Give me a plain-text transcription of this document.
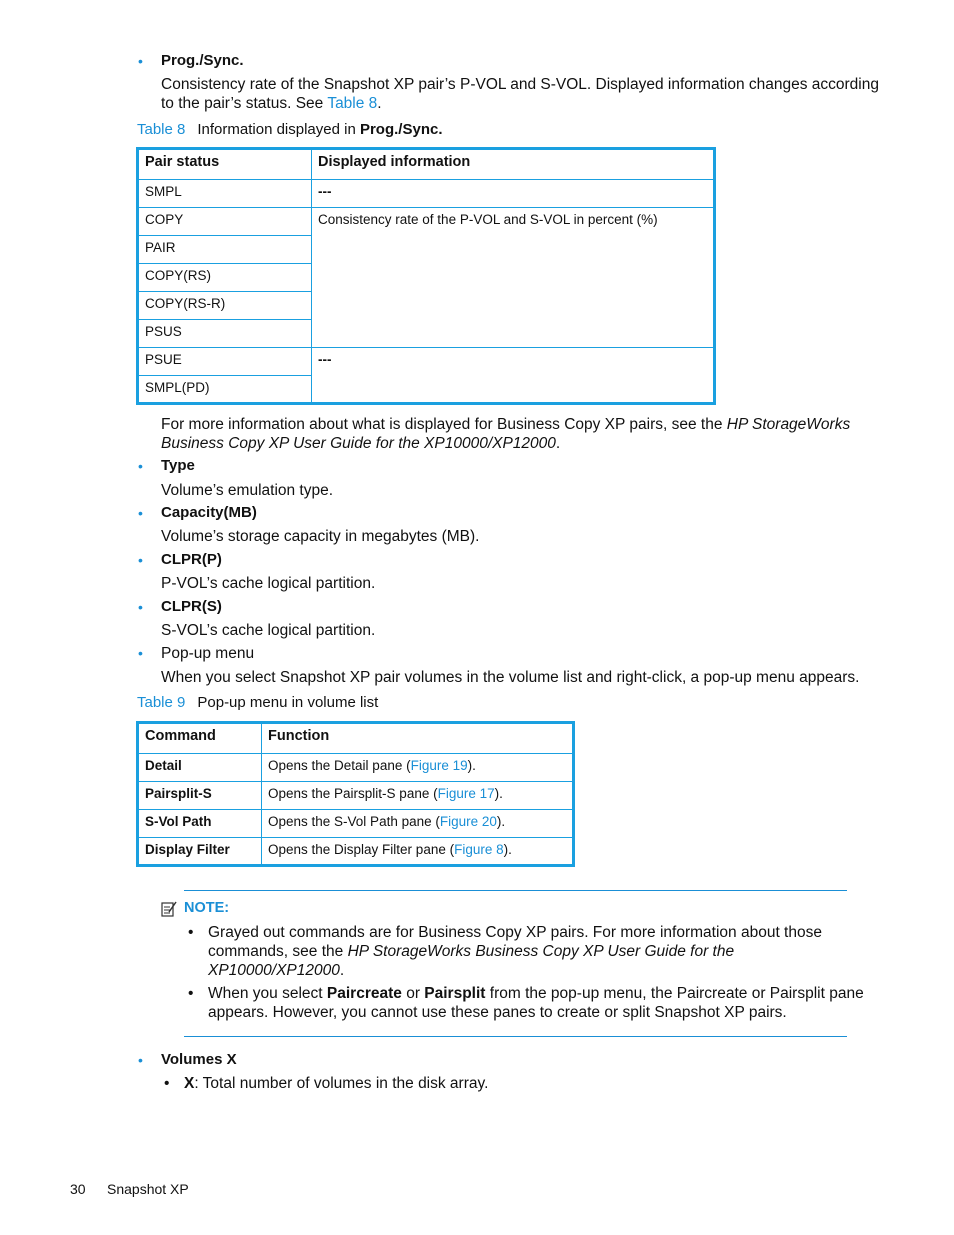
• Prog./Sync.
Consistency rate of the Snapshot XP pair’s P-VOL and S-VOL. Displayed information changes according
to the pair’s status. See Table 8.
Table 8 Information displayed in Prog./Sync.
Pair status	Displayed information
SMPL	---
COPY	Consistency rate of the P-VOL and S-VOL in percent (%)
PAIR	
COPY(RS)	
COPY(RS-R)	
PSUS	
PSUE	---
SMPL(PD)	
For more information about what is displayed for Business Copy XP pairs, see the HP StorageWorks
Business Copy XP User Guide for the XP10000/XP12000.
• Type
Volume’s emulation type.
• Capacity(MB)
Volume’s storage capacity in megabytes (MB).
• CLPR(P)
P-VOL’s cache logical partition.
• CLPR(S)
S-VOL’s cache logical partition.
• Pop-up menu
When you select Snapshot XP pair volumes in the volume list and right-click, a pop-up menu appears.
Table 9 Pop-up menu in volume list
Command	Function
Detail	Opens the Detail pane (Figure 19).
Pairsplit-S	Opens the Pairsplit-S pane (Figure 17).
S-Vol Path	Opens the S-Vol Path pane (Figure 20).
Display Filter	Opens the Display Filter pane (Figure 8).
NOTE:
• Grayed out commands are for Business Copy XP pairs. For more information about those
commands, see the HP StorageWorks Business Copy XP User Guide for the
XP10000/XP12000.
• When you select Paircreate or Pairsplit from the pop-up menu, the Paircreate or Pairsplit pane
appears. However, you cannot use these panes to create or split Snapshot XP pairs.
• Volumes X
• X: Total number of volumes in the disk array.
30 Snapshot XP
